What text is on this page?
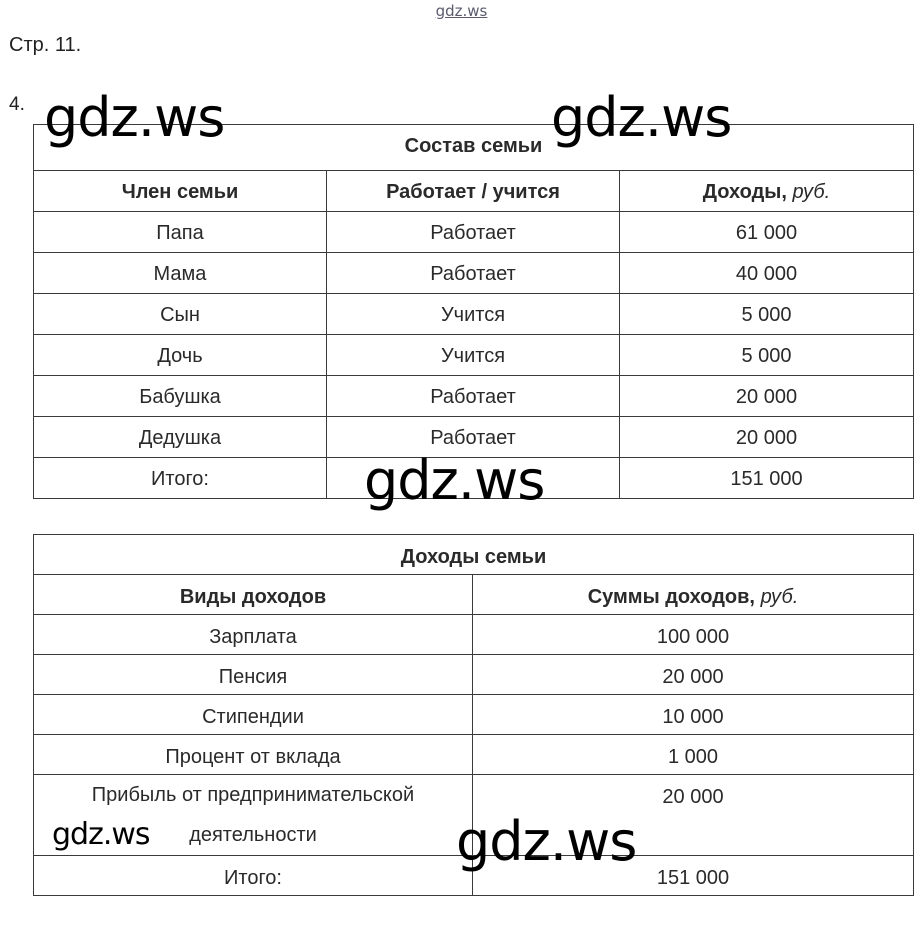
gdz.ws
Стр. 11.
4.
Состав семьи		
Член семьи	Работает / учится	Доходы, руб.
Папа	Работает	61 000
Мама	Работает	40 000
Сын	Учится	5 000
Дочь	Учится	5 000
Бабушка	Работает	20 000
Дедушка	Работает	20 000
Итого:		151 000
Доходы семьи	
Виды доходов	Суммы доходов, руб.
Зарплата	100 000
Пенсия	20 000
Стипендии	10 000
Процент от вклада	1 000
Прибыль от предпринимательской
деятельности	20 000
Итого:	151 000
gdz.ws	gdz.ws
gdz.ws
gdz.ws	gdz.ws
